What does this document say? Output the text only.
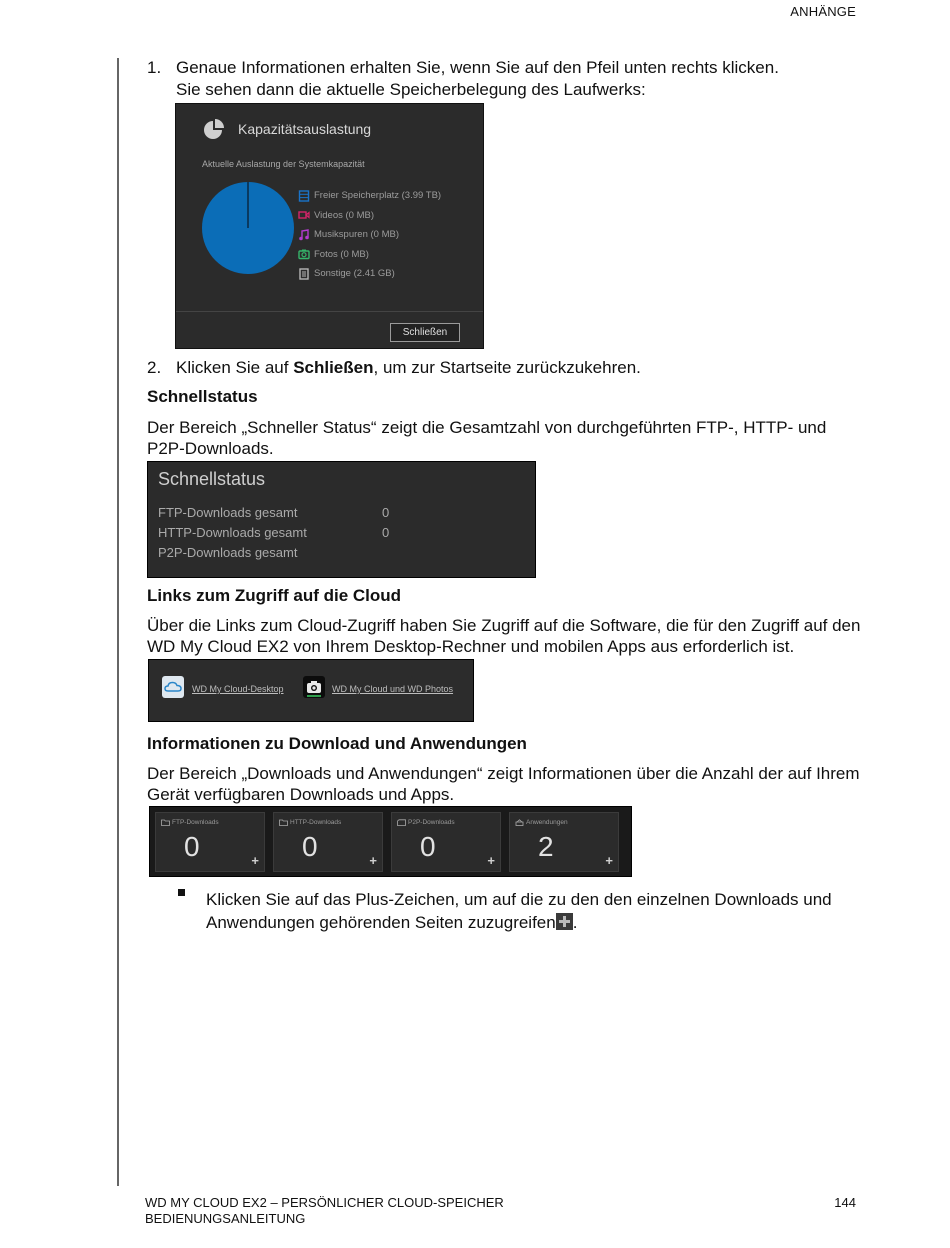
ANHÄNGE
1. Genaue Informationen erhalten Sie, wenn Sie auf den Pfeil unten rechts klicken.
Sie sehen dann die aktuelle Speicherbelegung des Laufwerks:
Kapazitätsauslastung
Aktuelle Auslastung der Systemkapazität
Freier Speicherplatz (3.99 TB)
Videos (0 MB)
Musikspuren (0 MB)
Fotos (0 MB)
Sonstige (2.41 GB)
Schließen
2. Klicken Sie auf Schließen, um zur Startseite zurückzukehren.
Schnellstatus
Der Bereich „Schneller Status“ zeigt die Gesamtzahl von durchgeführten FTP-, HTTP- und P2P-Downloads.
Schnellstatus
FTP-Downloads gesamt	0
HTTP-Downloads gesamt	0
P2P-Downloads gesamt
Links zum Zugriff auf die Cloud
Über die Links zum Cloud-Zugriff haben Sie Zugriff auf die Software, die für den Zugriff auf den WD My Cloud EX2 von Ihrem Desktop-Rechner und mobilen Apps aus erforderlich ist.
WD My Cloud-Desktop	WD My Cloud und WD Photos
Informationen zu Download und Anwendungen
Der Bereich „Downloads und Anwendungen“ zeigt Informationen über die Anzahl der auf Ihrem Gerät verfügbaren Downloads und Apps.
FTP-Downloads
0	+
HTTP-Downloads
0	+
P2P-Downloads
0	+
Anwendungen
2	+
Klicken Sie auf das Plus-Zeichen, um auf die zu den den einzelnen Downloads und Anwendungen gehörenden Seiten zuzugreifen .
WD MY CLOUD EX2 – PERSÖNLICHER CLOUD-SPEICHER
BEDIENUNGSANLEITUNG
144
